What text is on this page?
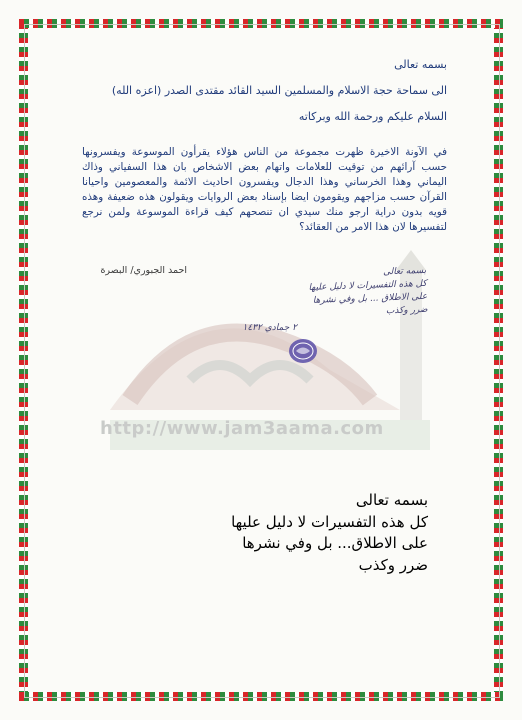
http://www.jam3aama.com
بسمه تعالى
الى سماحة حجة الاسلام والمسلمين السيد القائد مقتدى الصدر (اعزه الله)
السلام عليكم ورحمة الله وبركاته
في الآونة الاخيرة ظهرت مجموعة من الناس هؤلاء يقرأون الموسوعة ويفسرونها حسب آرائهم من توقيت للعلامات واتهام بعض الاشخاص بان هذا السفياني وذاك اليماني وهذا الخرساني وهذا الدجال ويفسرون احاديث الائمة والمعصومين واحيانا القرآن حسب مزاجهم ويقومون ايضا بإسناد بعض الروايات ويقولون هذه ضعيفة وهذه قويه بدون دراية ارجو منك سيدي ان تنصحهم كيف قراءة الموسوعة ولمن نرجع لتفسيرها لان هذا الامر من العقائد؟
احمد الجبوري/ البصرة	بسمه تعالى
كل هذه التفسيرات لا دليل عليها
على الاطلاق ... بل وفي نشرها
ضرر وكذب
٢ جمادي ١٤٣٢
بسمه تعالى
كل هذه التفسيرات لا دليل عليها
على الاطلاق... بل وفي نشرها
ضرر وكذب
